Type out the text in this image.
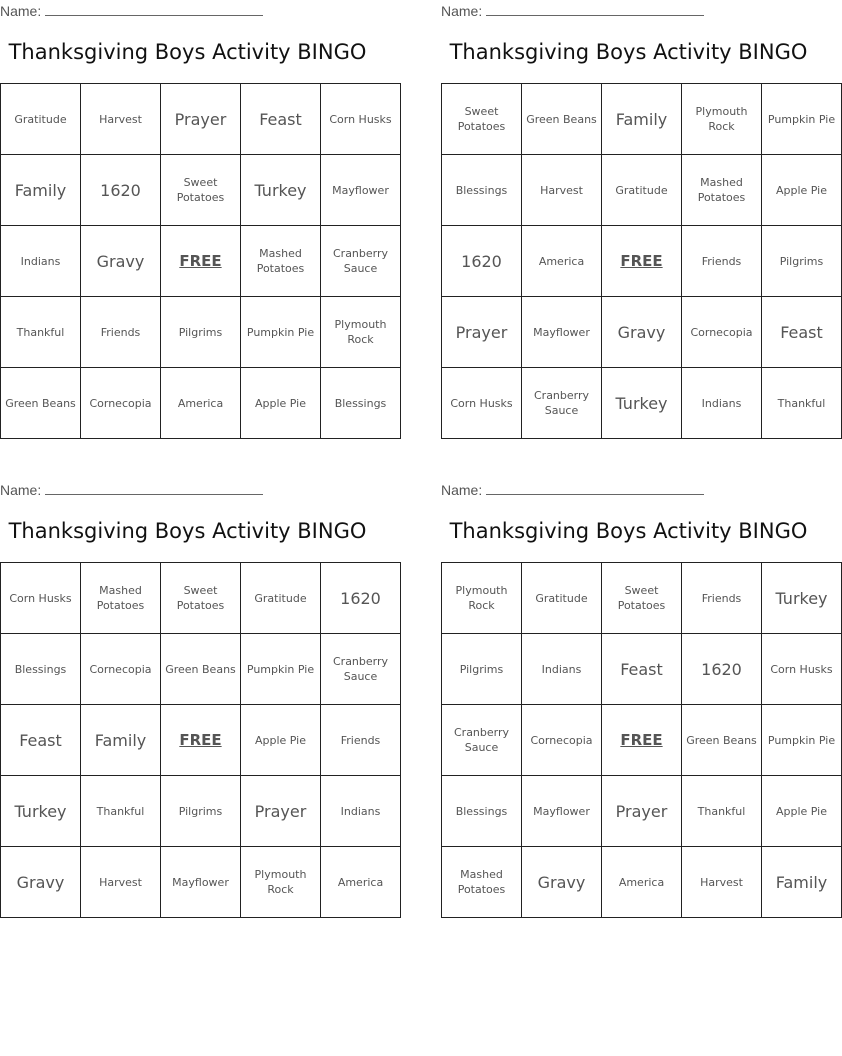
Name:
Thanksgiving Boys Activity BINGO
Gratitude	Harvest	Prayer	Feast	Corn Husks
Family	1620	Sweet Potatoes	Turkey	Mayflower
Indians	Gravy	FREE	Mashed Potatoes	Cranberry Sauce
Thankful	Friends	Pilgrims	Pumpkin Pie	Plymouth Rock
Green Beans	Cornecopia	America	Apple Pie	Blessings
Name:
Thanksgiving Boys Activity BINGO
Sweet Potatoes	Green Beans	Family	Plymouth Rock	Pumpkin Pie
Blessings	Harvest	Gratitude	Mashed Potatoes	Apple Pie
1620	America	FREE	Friends	Pilgrims
Prayer	Mayflower	Gravy	Cornecopia	Feast
Corn Husks	Cranberry Sauce	Turkey	Indians	Thankful
Name:
Thanksgiving Boys Activity BINGO
Corn Husks	Mashed Potatoes	Sweet Potatoes	Gratitude	1620
Blessings	Cornecopia	Green Beans	Pumpkin Pie	Cranberry Sauce
Feast	Family	FREE	Apple Pie	Friends
Turkey	Thankful	Pilgrims	Prayer	Indians
Gravy	Harvest	Mayflower	Plymouth Rock	America
Name:
Thanksgiving Boys Activity BINGO
Plymouth Rock	Gratitude	Sweet Potatoes	Friends	Turkey
Pilgrims	Indians	Feast	1620	Corn Husks
Cranberry Sauce	Cornecopia	FREE	Green Beans	Pumpkin Pie
Blessings	Mayflower	Prayer	Thankful	Apple Pie
Mashed Potatoes	Gravy	America	Harvest	Family
